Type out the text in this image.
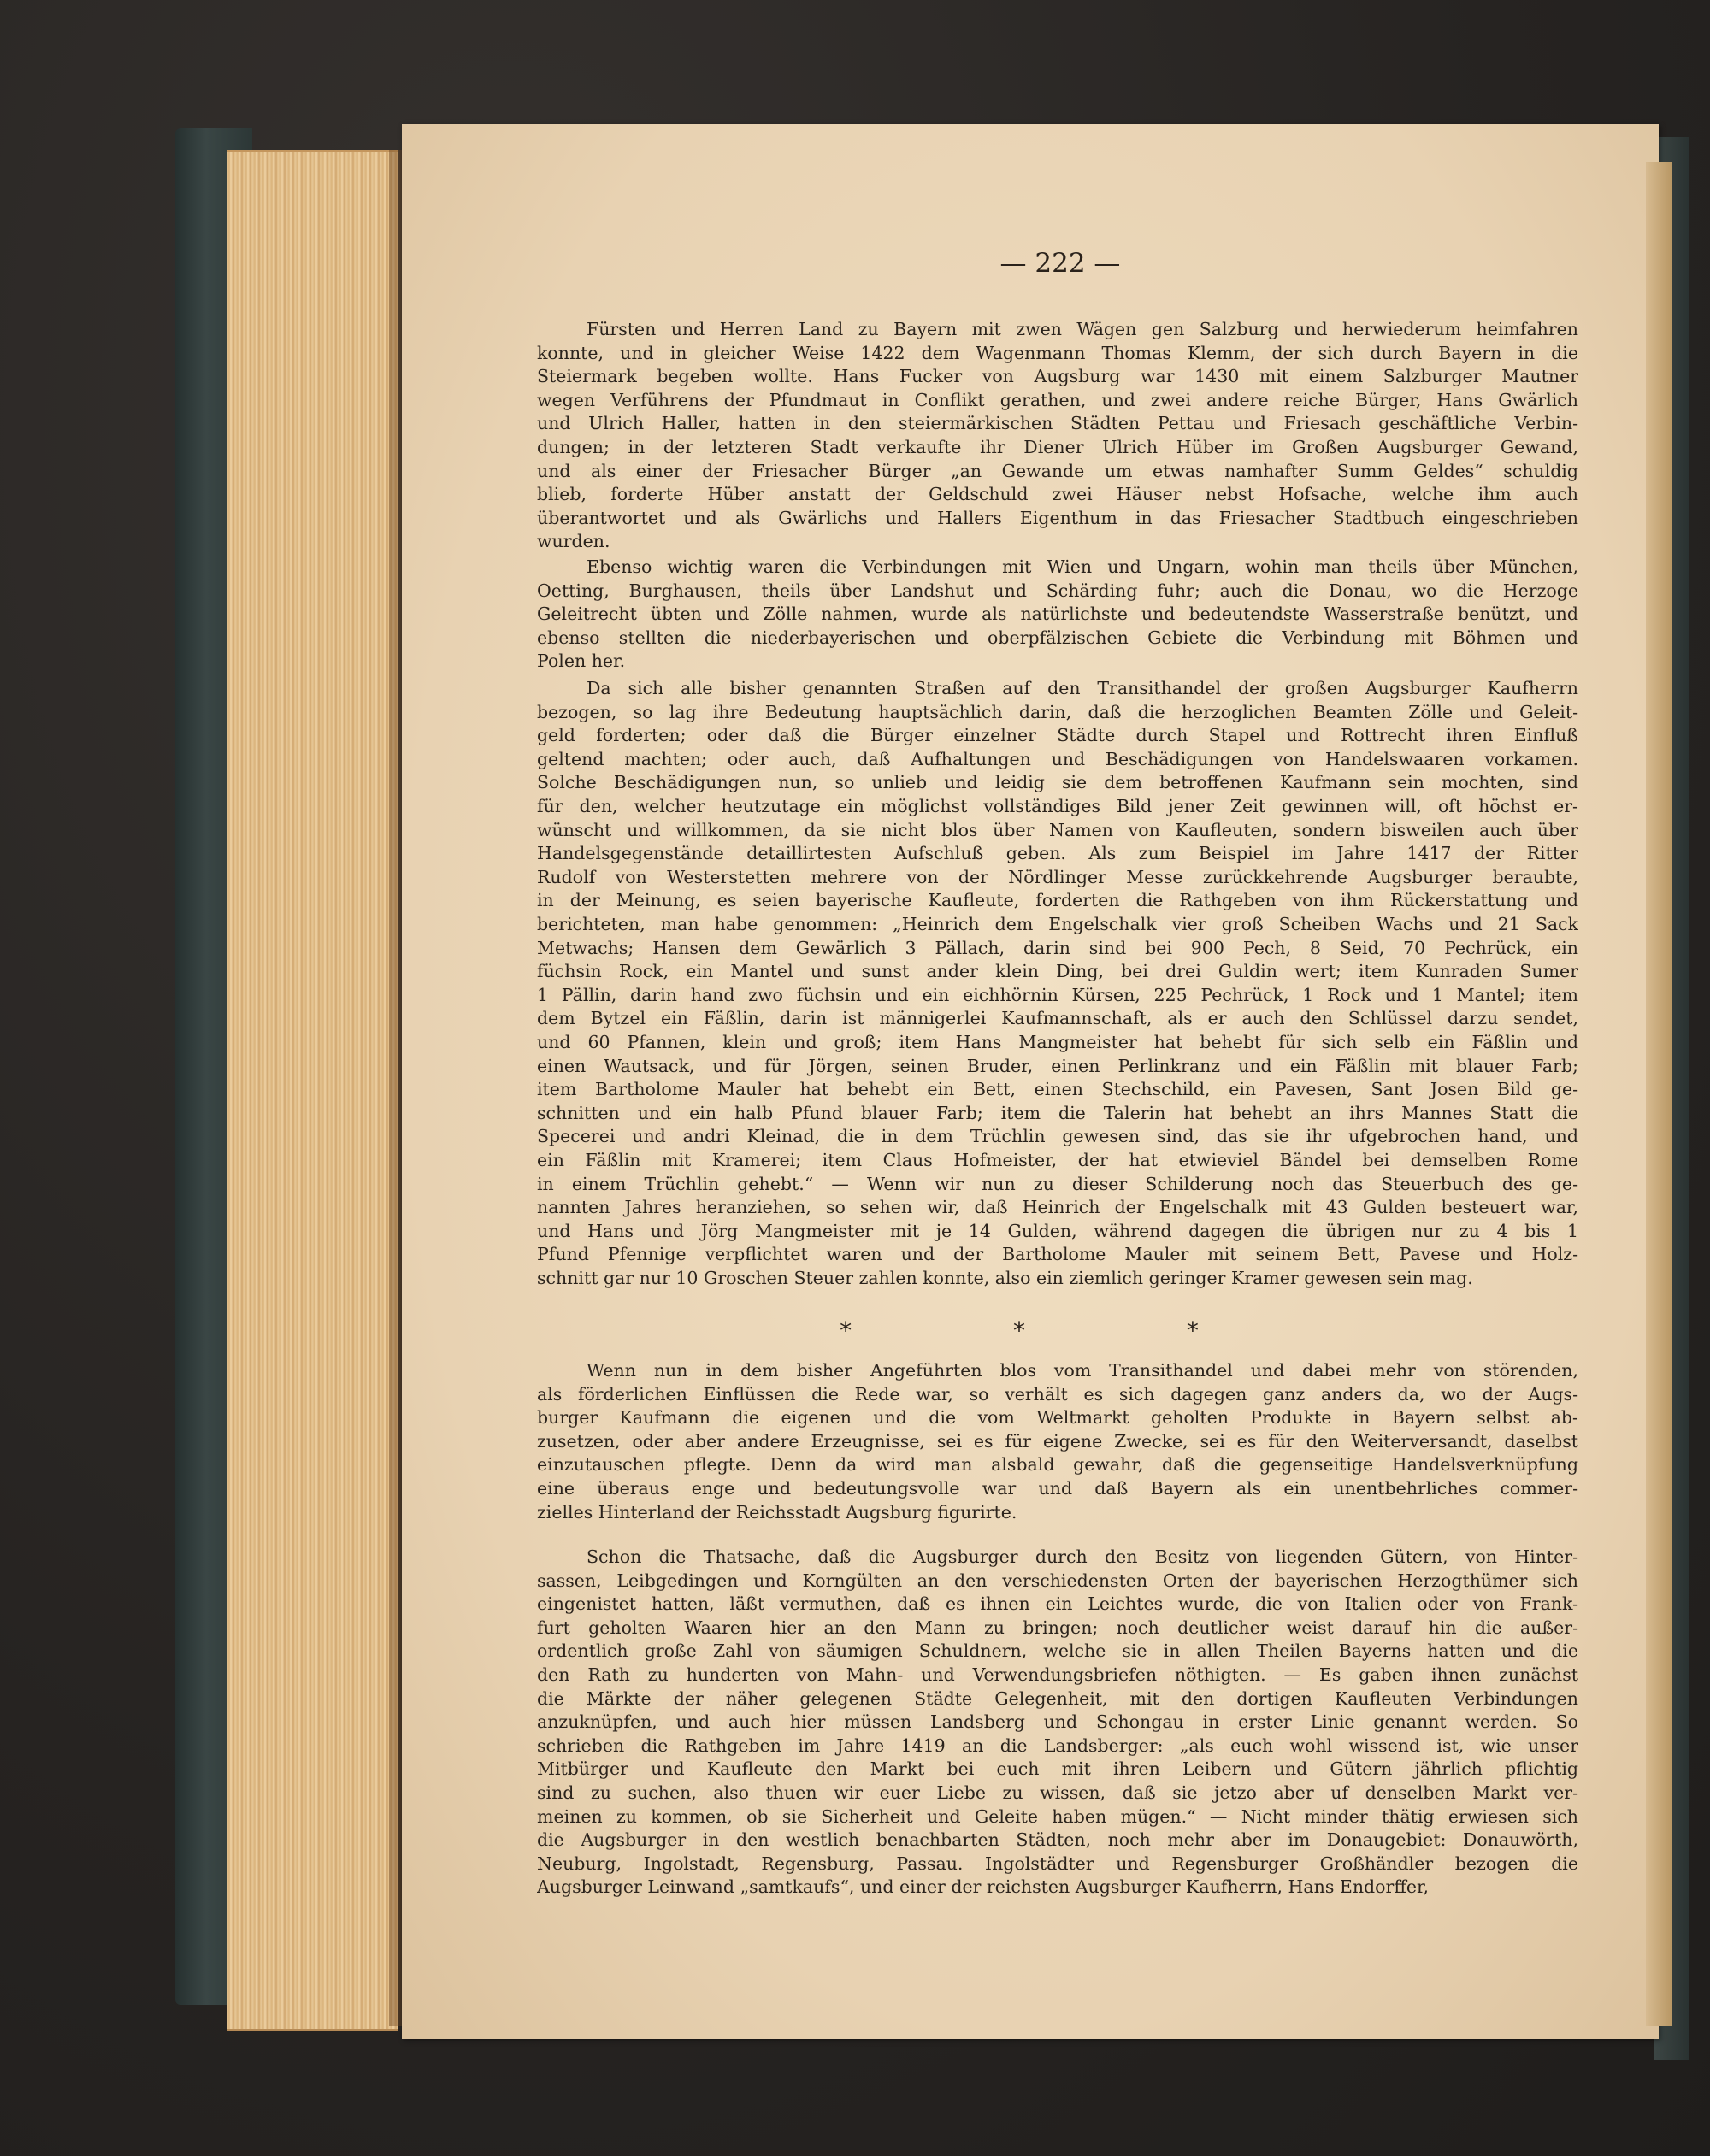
— 222 —
Fürsten und Herren Land zu Bayern mit zwen Wägen gen Salzburg und herwiederum heimfahren
konnte, und in gleicher Weise 1422 dem Wagenmann Thomas Klemm, der sich durch Bayern in die
Steiermark begeben wollte. Hans Fucker von Augsburg war 1430 mit einem Salzburger Mautner
wegen Verführens der Pfundmaut in Conflikt gerathen, und zwei andere reiche Bürger, Hans Gwärlich
und Ulrich Haller, hatten in den steiermärkischen Städten Pettau und Friesach geschäftliche Verbin-
dungen; in der letzteren Stadt verkaufte ihr Diener Ulrich Hüber im Großen Augsburger Gewand,
und als einer der Friesacher Bürger „an Gewande um etwas namhafter Summ Geldes“ schuldig
blieb, forderte Hüber anstatt der Geldschuld zwei Häuser nebst Hofsache, welche ihm auch
überantwortet und als Gwärlichs und Hallers Eigenthum in das Friesacher Stadtbuch eingeschrieben
wurden.
Ebenso wichtig waren die Verbindungen mit Wien und Ungarn, wohin man theils über München,
Oetting, Burghausen, theils über Landshut und Schärding fuhr; auch die Donau, wo die Herzoge
Geleitrecht übten und Zölle nahmen, wurde als natürlichste und bedeutendste Wasserstraße benützt, und
ebenso stellten die niederbayerischen und oberpfälzischen Gebiete die Verbindung mit Böhmen und
Polen her.
Da sich alle bisher genannten Straßen auf den Transithandel der großen Augsburger Kaufherrn
bezogen, so lag ihre Bedeutung hauptsächlich darin, daß die herzoglichen Beamten Zölle und Geleit-
geld forderten; oder daß die Bürger einzelner Städte durch Stapel und Rottrecht ihren Einfluß
geltend machten; oder auch, daß Aufhaltungen und Beschädigungen von Handelswaaren vorkamen.
Solche Beschädigungen nun, so unlieb und leidig sie dem betroffenen Kaufmann sein mochten, sind
für den, welcher heutzutage ein möglichst vollständiges Bild jener Zeit gewinnen will, oft höchst er-
wünscht und willkommen, da sie nicht blos über Namen von Kaufleuten, sondern bisweilen auch über
Handelsgegenstände detaillirtesten Aufschluß geben. Als zum Beispiel im Jahre 1417 der Ritter
Rudolf von Westerstetten mehrere von der Nördlinger Messe zurückkehrende Augsburger beraubte,
in der Meinung, es seien bayerische Kaufleute, forderten die Rathgeben von ihm Rückerstattung und
berichteten, man habe genommen: „Heinrich dem Engelschalk vier groß Scheiben Wachs und 21 Sack
Metwachs; Hansen dem Gewärlich 3 Pällach, darin sind bei 900 Pech, 8 Seid, 70 Pechrück, ein
füchsin Rock, ein Mantel und sunst ander klein Ding, bei drei Guldin wert; item Kunraden Sumer
1 Pällin, darin hand zwo füchsin und ein eichhörnin Kürsen, 225 Pechrück, 1 Rock und 1 Mantel; item
dem Bytzel ein Fäßlin, darin ist männigerlei Kaufmannschaft, als er auch den Schlüssel darzu sendet,
und 60 Pfannen, klein und groß; item Hans Mangmeister hat behebt für sich selb ein Fäßlin und
einen Wautsack, und für Jörgen, seinen Bruder, einen Perlinkranz und ein Fäßlin mit blauer Farb;
item Bartholome Mauler hat behebt ein Bett, einen Stechschild, ein Pavesen, Sant Josen Bild ge-
schnitten und ein halb Pfund blauer Farb; item die Talerin hat behebt an ihrs Mannes Statt die
Specerei und andri Kleinad, die in dem Trüchlin gewesen sind, das sie ihr ufgebrochen hand, und
ein Fäßlin mit Kramerei; item Claus Hofmeister, der hat etwieviel Bändel bei demselben Rome
in einem Trüchlin gehebt.“ — Wenn wir nun zu dieser Schilderung noch das Steuerbuch des ge-
nannten Jahres heranziehen, so sehen wir, daß Heinrich der Engelschalk mit 43 Gulden besteuert war,
und Hans und Jörg Mangmeister mit je 14 Gulden, während dagegen die übrigen nur zu 4 bis 1
Pfund Pfennige verpflichtet waren und der Bartholome Mauler mit seinem Bett, Pavese und Holz-
schnitt gar nur 10 Groschen Steuer zahlen konnte, also ein ziemlich geringer Kramer gewesen sein mag.
Wenn nun in dem bisher Angeführten blos vom Transithandel und dabei mehr von störenden,
als förderlichen Einflüssen die Rede war, so verhält es sich dagegen ganz anders da, wo der Augs-
burger Kaufmann die eigenen und die vom Weltmarkt geholten Produkte in Bayern selbst ab-
zusetzen, oder aber andere Erzeugnisse, sei es für eigene Zwecke, sei es für den Weiterversandt, daselbst
einzutauschen pflegte. Denn da wird man alsbald gewahr, daß die gegenseitige Handelsverknüpfung
eine überaus enge und bedeutungsvolle war und daß Bayern als ein unentbehrliches commer-
zielles Hinterland der Reichsstadt Augsburg figurirte.
Schon die Thatsache, daß die Augsburger durch den Besitz von liegenden Gütern, von Hinter-
sassen, Leibgedingen und Korngülten an den verschiedensten Orten der bayerischen Herzogthümer sich
eingenistet hatten, läßt vermuthen, daß es ihnen ein Leichtes wurde, die von Italien oder von Frank-
furt geholten Waaren hier an den Mann zu bringen; noch deutlicher weist darauf hin die außer-
ordentlich große Zahl von säumigen Schuldnern, welche sie in allen Theilen Bayerns hatten und die
den Rath zu hunderten von Mahn- und Verwendungsbriefen nöthigten. — Es gaben ihnen zunächst
die Märkte der näher gelegenen Städte Gelegenheit, mit den dortigen Kaufleuten Verbindungen
anzuknüpfen, und auch hier müssen Landsberg und Schongau in erster Linie genannt werden. So
schrieben die Rathgeben im Jahre 1419 an die Landsberger: „als euch wohl wissend ist, wie unser
Mitbürger und Kaufleute den Markt bei euch mit ihren Leibern und Gütern jährlich pflichtig
sind zu suchen, also thuen wir euer Liebe zu wissen, daß sie jetzo aber uf denselben Markt ver-
meinen zu kommen, ob sie Sicherheit und Geleite haben mügen.“ — Nicht minder thätig erwiesen sich
die Augsburger in den westlich benachbarten Städten, noch mehr aber im Donaugebiet: Donauwörth,
Neuburg, Ingolstadt, Regensburg, Passau. Ingolstädter und Regensburger Großhändler bezogen die
Augsburger Leinwand „samtkaufs“, und einer der reichsten Augsburger Kaufherrn, Hans Endorffer,
* * *
